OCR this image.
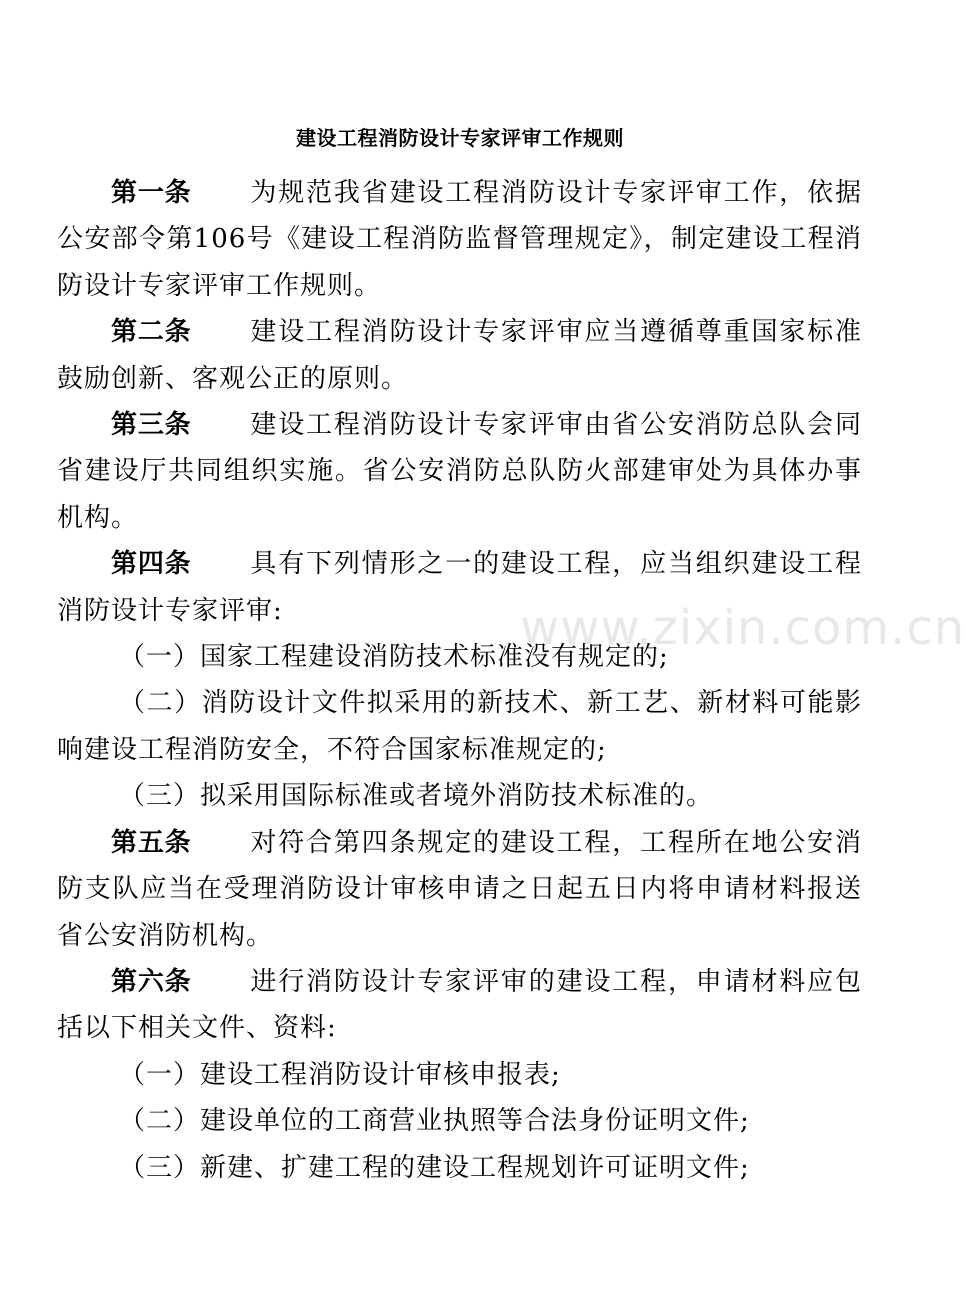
建设工程消防设计专家评审工作规则
www.zixin.com.cn

第一条 为规范我省建设工程消防设计专家评审工作，依据公安部令第106号《建设工程消防监督管理规定》，制定建设工程消防设计专家评审工作规则。

第二条 建设工程消防设计专家评审应当遵循尊重国家标准鼓励创新、客观公正的原则。

第三条 建设工程消防设计专家评审由省公安消防总队会同省建设厅共同组织实施。省公安消防总队防火部建审处为具体办事机构。

第四条 具有下列情形之一的建设工程，应当组织建设工程消防设计专家评审:

（一）国家工程建设消防技术标准没有规定的;

（二）消防设计文件拟采用的新技术、新工艺、新材料可能影响建设工程消防安全，不符合国家标准规定的;

（三）拟采用国际标准或者境外消防技术标准的。

第五条 对符合第四条规定的建设工程，工程所在地公安消防支队应当在受理消防设计审核申请之日起五日内将申请材料报送省公安消防机构。

第六条 进行消防设计专家评审的建设工程，申请材料应包括以下相关文件、资料:

（一）建设工程消防设计审核申报表;

（二）建设单位的工商营业执照等合法身份证明文件;

（三）新建、扩建工程的建设工程规划许可证明文件;
